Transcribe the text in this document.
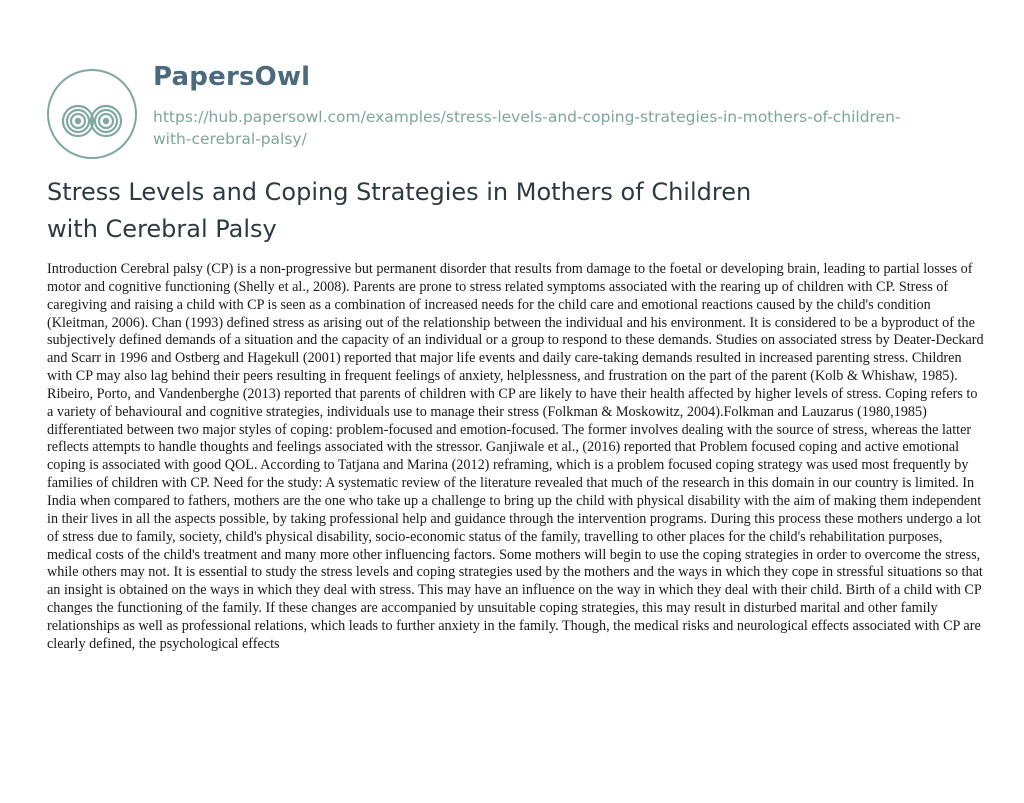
PapersOwl
https://hub.papersowl.com/examples/stress-levels-and-coping-strategies-in-mothers-of-children-with-cerebral-palsy/
Stress Levels and Coping Strategies in Mothers of Children with Cerebral Palsy

Introduction Cerebral palsy (CP) is a non-progressive but permanent disorder that results from damage to the foetal or developing brain, leading to partial losses of motor and cognitive functioning (Shelly et al., 2008). Parents are prone to stress related symptoms associated with the rearing up of children with CP. Stress of caregiving and raising a child with CP is seen as a combination of increased needs for the child care and emotional reactions caused by the child's condition (Kleitman, 2006). Chan (1993) defined stress as arising out of the relationship between the individual and his environment. It is considered to be a byproduct of the subjectively defined demands of a situation and the capacity of an individual or a group to respond to these demands. Studies on associated stress by Deater-Deckard and Scarr in 1996 and Ostberg and Hagekull (2001) reported that major life events and daily care-taking demands resulted in increased parenting stress. Children with CP may also lag behind their peers resulting in frequent feelings of anxiety, helplessness, and frustration on the part of the parent (Kolb & Whishaw, 1985). Ribeiro, Porto, and Vandenberghe (2013) reported that parents of children with CP are likely to have their health affected by higher levels of stress. Coping refers to a variety of behavioural and cognitive strategies, individuals use to manage their stress (Folkman & Moskowitz, 2004).Folkman and Lauzarus (1980,1985) differentiated between two major styles of coping: problem-focused and emotion-focused. The former involves dealing with the source of stress, whereas the latter reflects attempts to handle thoughts and feelings associated with the stressor. Ganjiwale et al., (2016) reported that Problem focused coping and active emotional coping is associated with good QOL. According to Tatjana and Marina (2012) reframing, which is a problem focused coping strategy was used most frequently by families of children with CP. Need for the study: A systematic review of the literature revealed that much of the research in this domain in our country is limited. In India when compared to fathers, mothers are the one who take up a challenge to bring up the child with physical disability with the aim of making them independent in their lives in all the aspects possible, by taking professional help and guidance through the intervention programs. During this process these mothers undergo a lot of stress due to family, society, child's physical disability, socio-economic status of the family, travelling to other places for the child's rehabilitation purposes, medical costs of the child's treatment and many more other influencing factors. Some mothers will begin to use the coping strategies in order to overcome the stress, while others may not. It is essential to study the stress levels and coping strategies used by the mothers and the ways in which they cope in stressful situations so that an insight is obtained on the ways in which they deal with stress. This may have an influence on the way in which they deal with their child. Birth of a child with CP changes the functioning of the family. If these changes are accompanied by unsuitable coping strategies, this may result in disturbed marital and other family relationships as well as professional relations, which leads to further anxiety in the family. Though, the medical risks and neurological effects associated with CP are clearly defined, the psychological effects
